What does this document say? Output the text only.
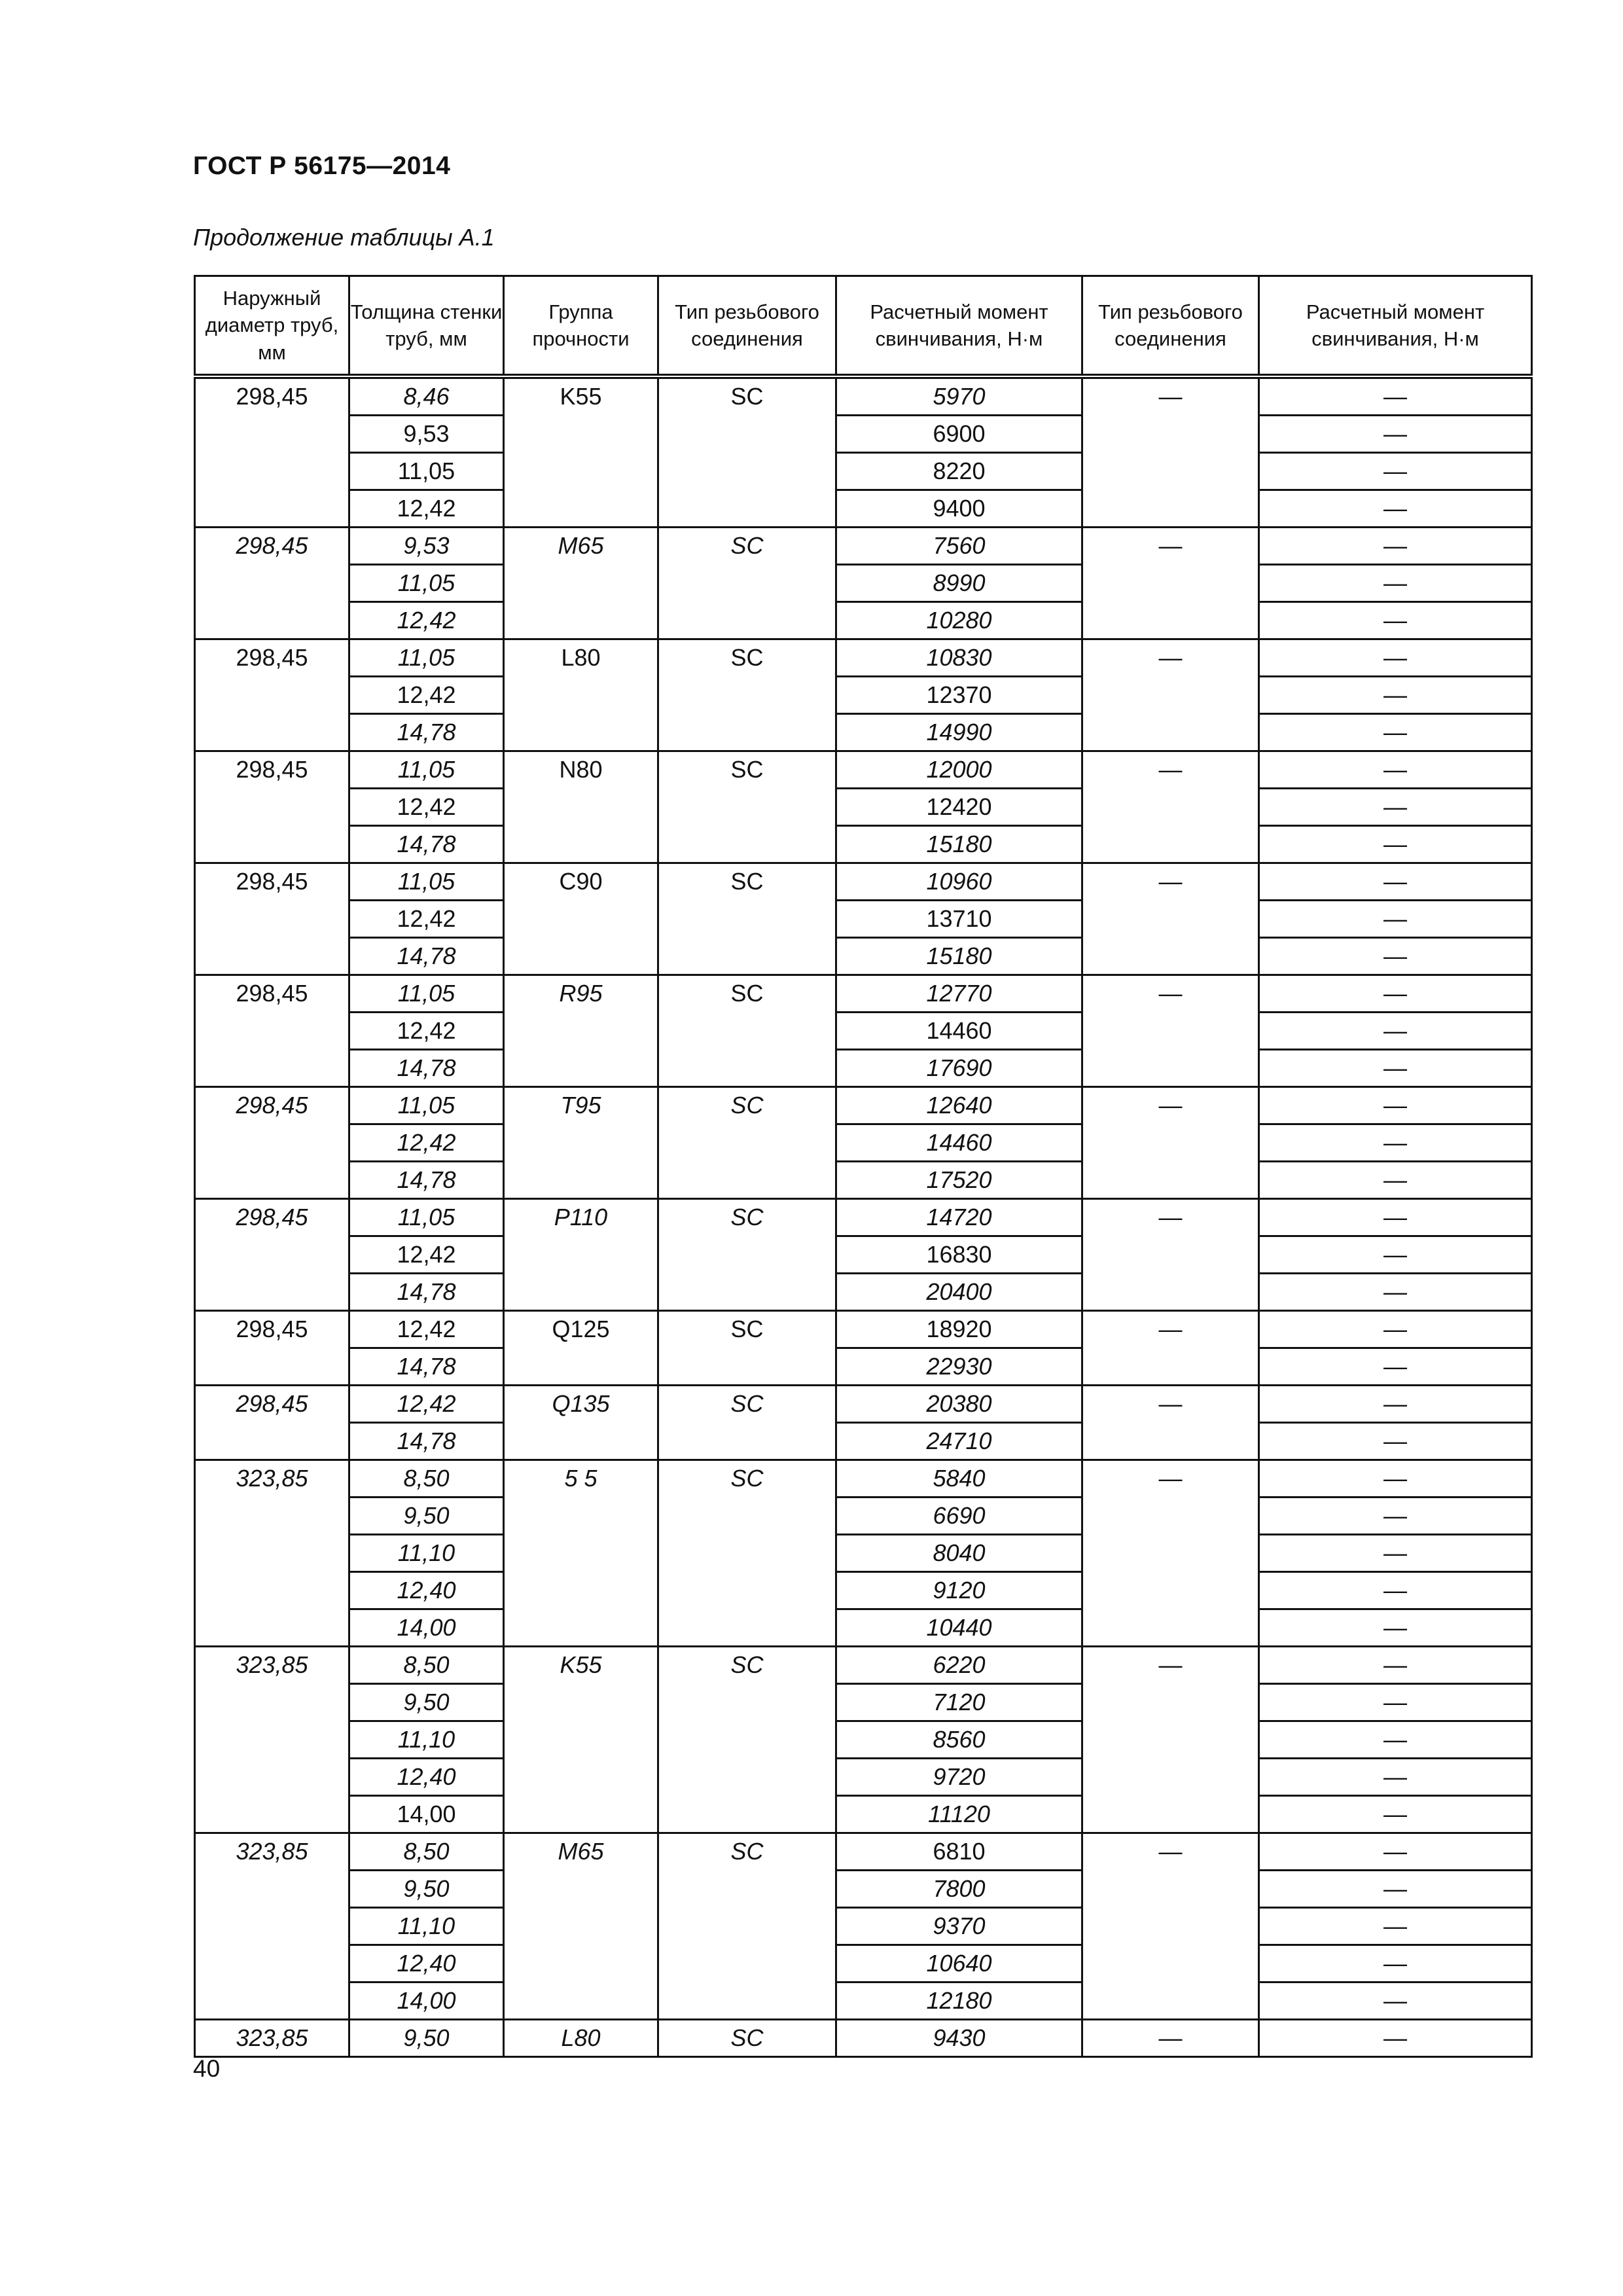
ГОСТ Р 56175—2014

Продолжение таблицы А.1

Наружный диаметр труб, мм	Толщина стенки труб, мм	Группа прочности	Тип резьбового соединения	Расчетный момент свинчивания, Н·м	Тип резьбового соединения	Расчетный момент свинчивания, Н·м
298,45	8,46	K55	SC	5970	—	—
	9,53			6900		—
	11,05			8220		—
	12,42			9400		—
298,45	9,53	M65	SC	7560	—	—
	11,05			8990		—
	12,42			10280		—
298,45	11,05	L80	SC	10830	—	—
	12,42			12370		—
	14,78			14990		—
298,45	11,05	N80	SC	12000	—	—
	12,42			12420		—
	14,78			15180		—
298,45	11,05	C90	SC	10960	—	—
	12,42			13710		—
	14,78			15180		—
298,45	11,05	R95	SC	12770	—	—
	12,42			14460		—
	14,78			17690		—
298,45	11,05	T95	SC	12640	—	—
	12,42			14460		—
	14,78			17520		—
298,45	11,05	P110	SC	14720	—	—
	12,42			16830		—
	14,78			20400		—
298,45	12,42	Q125	SC	18920	—	—
	14,78			22930		—
298,45	12,42	Q135	SC	20380	—	—
	14,78			24710		—
323,85	8,50	5 5	SC	5840	—	—
	9,50			6690		—
	11,10			8040		—
	12,40			9120		—
	14,00			10440		—
323,85	8,50	K55	SC	6220	—	—
	9,50			7120		—
	11,10			8560		—
	12,40			9720		—
	14,00			11120		—
323,85	8,50	M65	SC	6810	—	—
	9,50			7800		—
	11,10			9370		—
	12,40			10640		—
	14,00			12180		—
323,85	9,50	L80	SC	9430	—	—

40
